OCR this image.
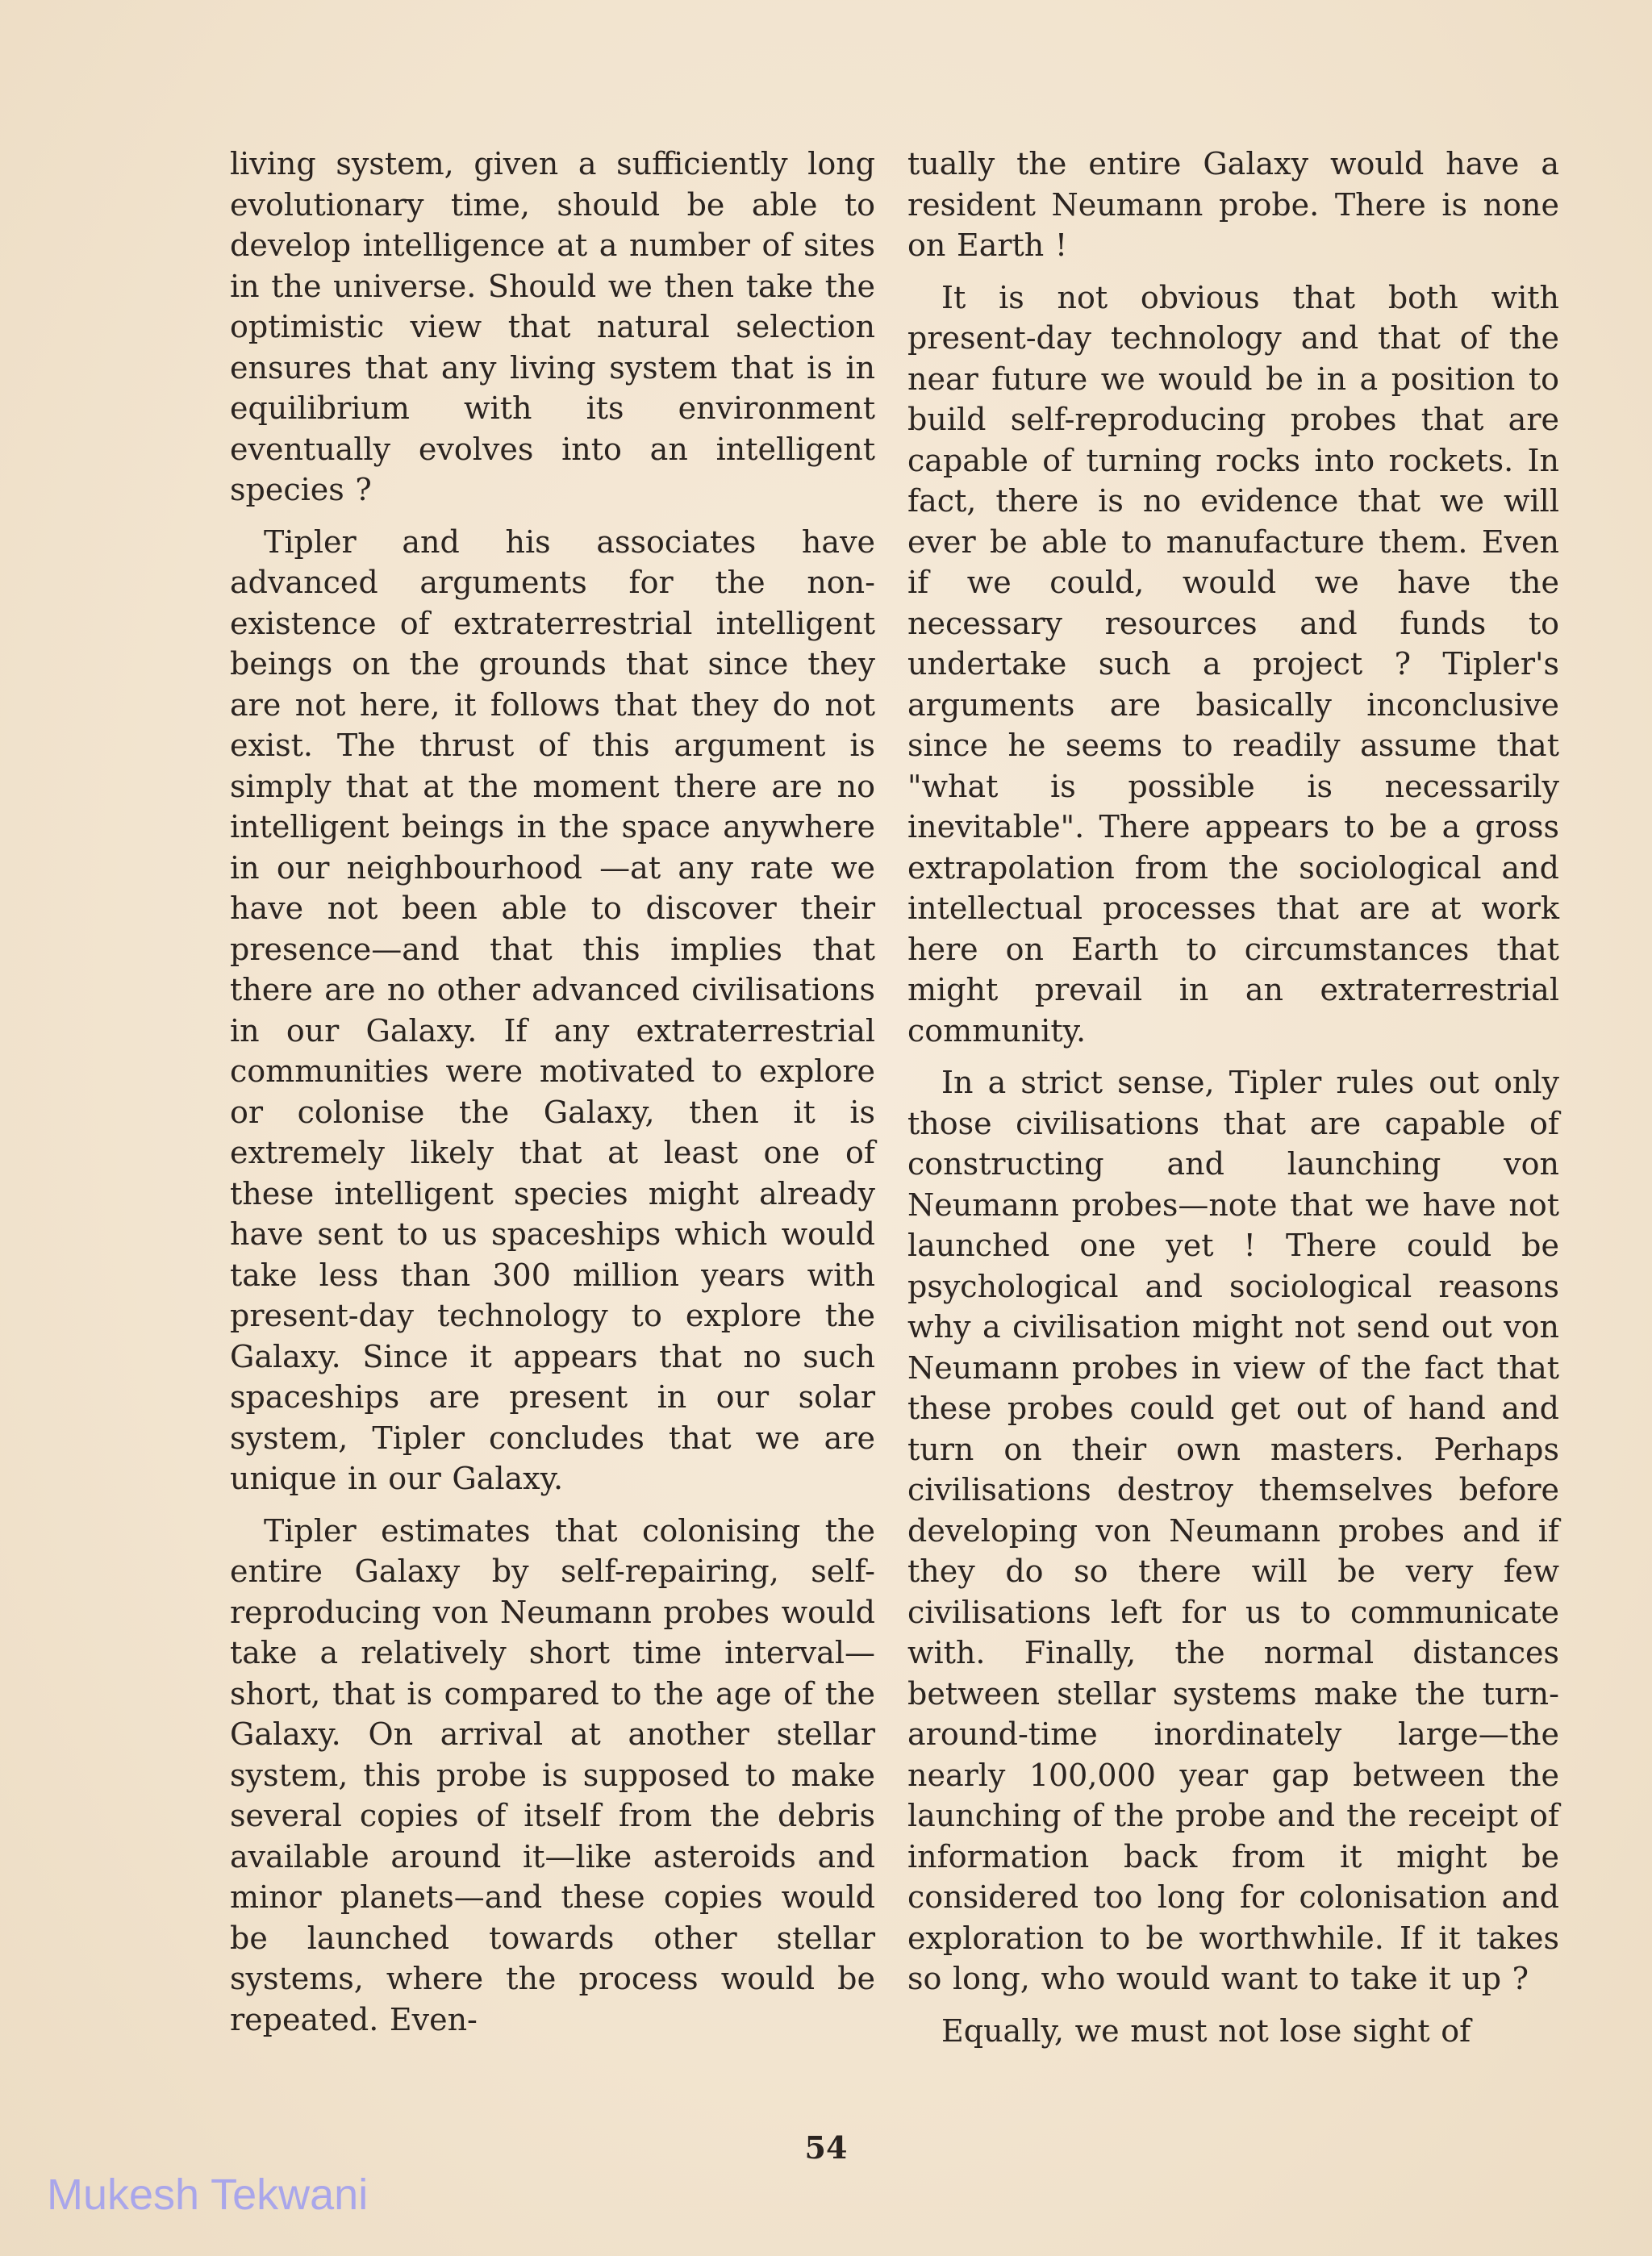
living system, given a sufficiently long evolutionary time, should be able to develop intelligence at a number of sites in the universe. Should we then take the optimistic view that natural selection ensures that any living system that is in equilibrium with its environment eventually evolves into an intelligent species ?

Tipler and his associates have advanced arguments for the non-existence of extraterrestrial intelligent beings on the grounds that since they are not here, it follows that they do not exist. The thrust of this argument is simply that at the moment there are no intelligent beings in the space anywhere in our neighbourhood —at any rate we have not been able to discover their presence—and that this implies that there are no other advanced civilisations in our Galaxy. If any extraterrestrial communities were motivated to explore or colonise the Galaxy, then it is extremely likely that at least one of these intelligent species might already have sent to us spaceships which would take less than 300 million years with present-day technology to explore the Galaxy. Since it appears that no such spaceships are present in our solar system, Tipler concludes that we are unique in our Galaxy.

Tipler estimates that colonising the entire Galaxy by self-repairing, self-reproducing von Neumann probes would take a relatively short time interval—short, that is compared to the age of the Galaxy. On arrival at another stellar system, this probe is supposed to make several copies of itself from the debris available around it—like asteroids and minor planets—and these copies would be launched towards other stellar systems, where the process would be repeated. Even-

tually the entire Galaxy would have a resident Neumann probe. There is none on Earth !

It is not obvious that both with present-day technology and that of the near future we would be in a position to build self-reproducing probes that are capable of turning rocks into rockets. In fact, there is no evidence that we will ever be able to manufacture them. Even if we could, would we have the necessary resources and funds to undertake such a project ? Tipler's arguments are basically inconclusive since he seems to readily assume that "what is possible is necessarily inevitable". There appears to be a gross extrapolation from the sociological and intellectual processes that are at work here on Earth to circumstances that might prevail in an extraterrestrial community.

In a strict sense, Tipler rules out only those civilisations that are capable of constructing and launching von Neumann probes—note that we have not launched one yet ! There could be psychological and sociological reasons why a civilisation might not send out von Neumann probes in view of the fact that these probes could get out of hand and turn on their own masters. Perhaps civilisations destroy themselves before developing von Neumann probes and if they do so there will be very few civilisations left for us to communicate with. Finally, the normal distances between stellar systems make the turn-around-time inordinately large—the nearly 100,000 year gap between the launching of the probe and the receipt of information back from it might be considered too long for colonisation and exploration to be worthwhile. If it takes so long, who would want to take it up ?

Equally, we must not lose sight of

54
Mukesh Tekwani
